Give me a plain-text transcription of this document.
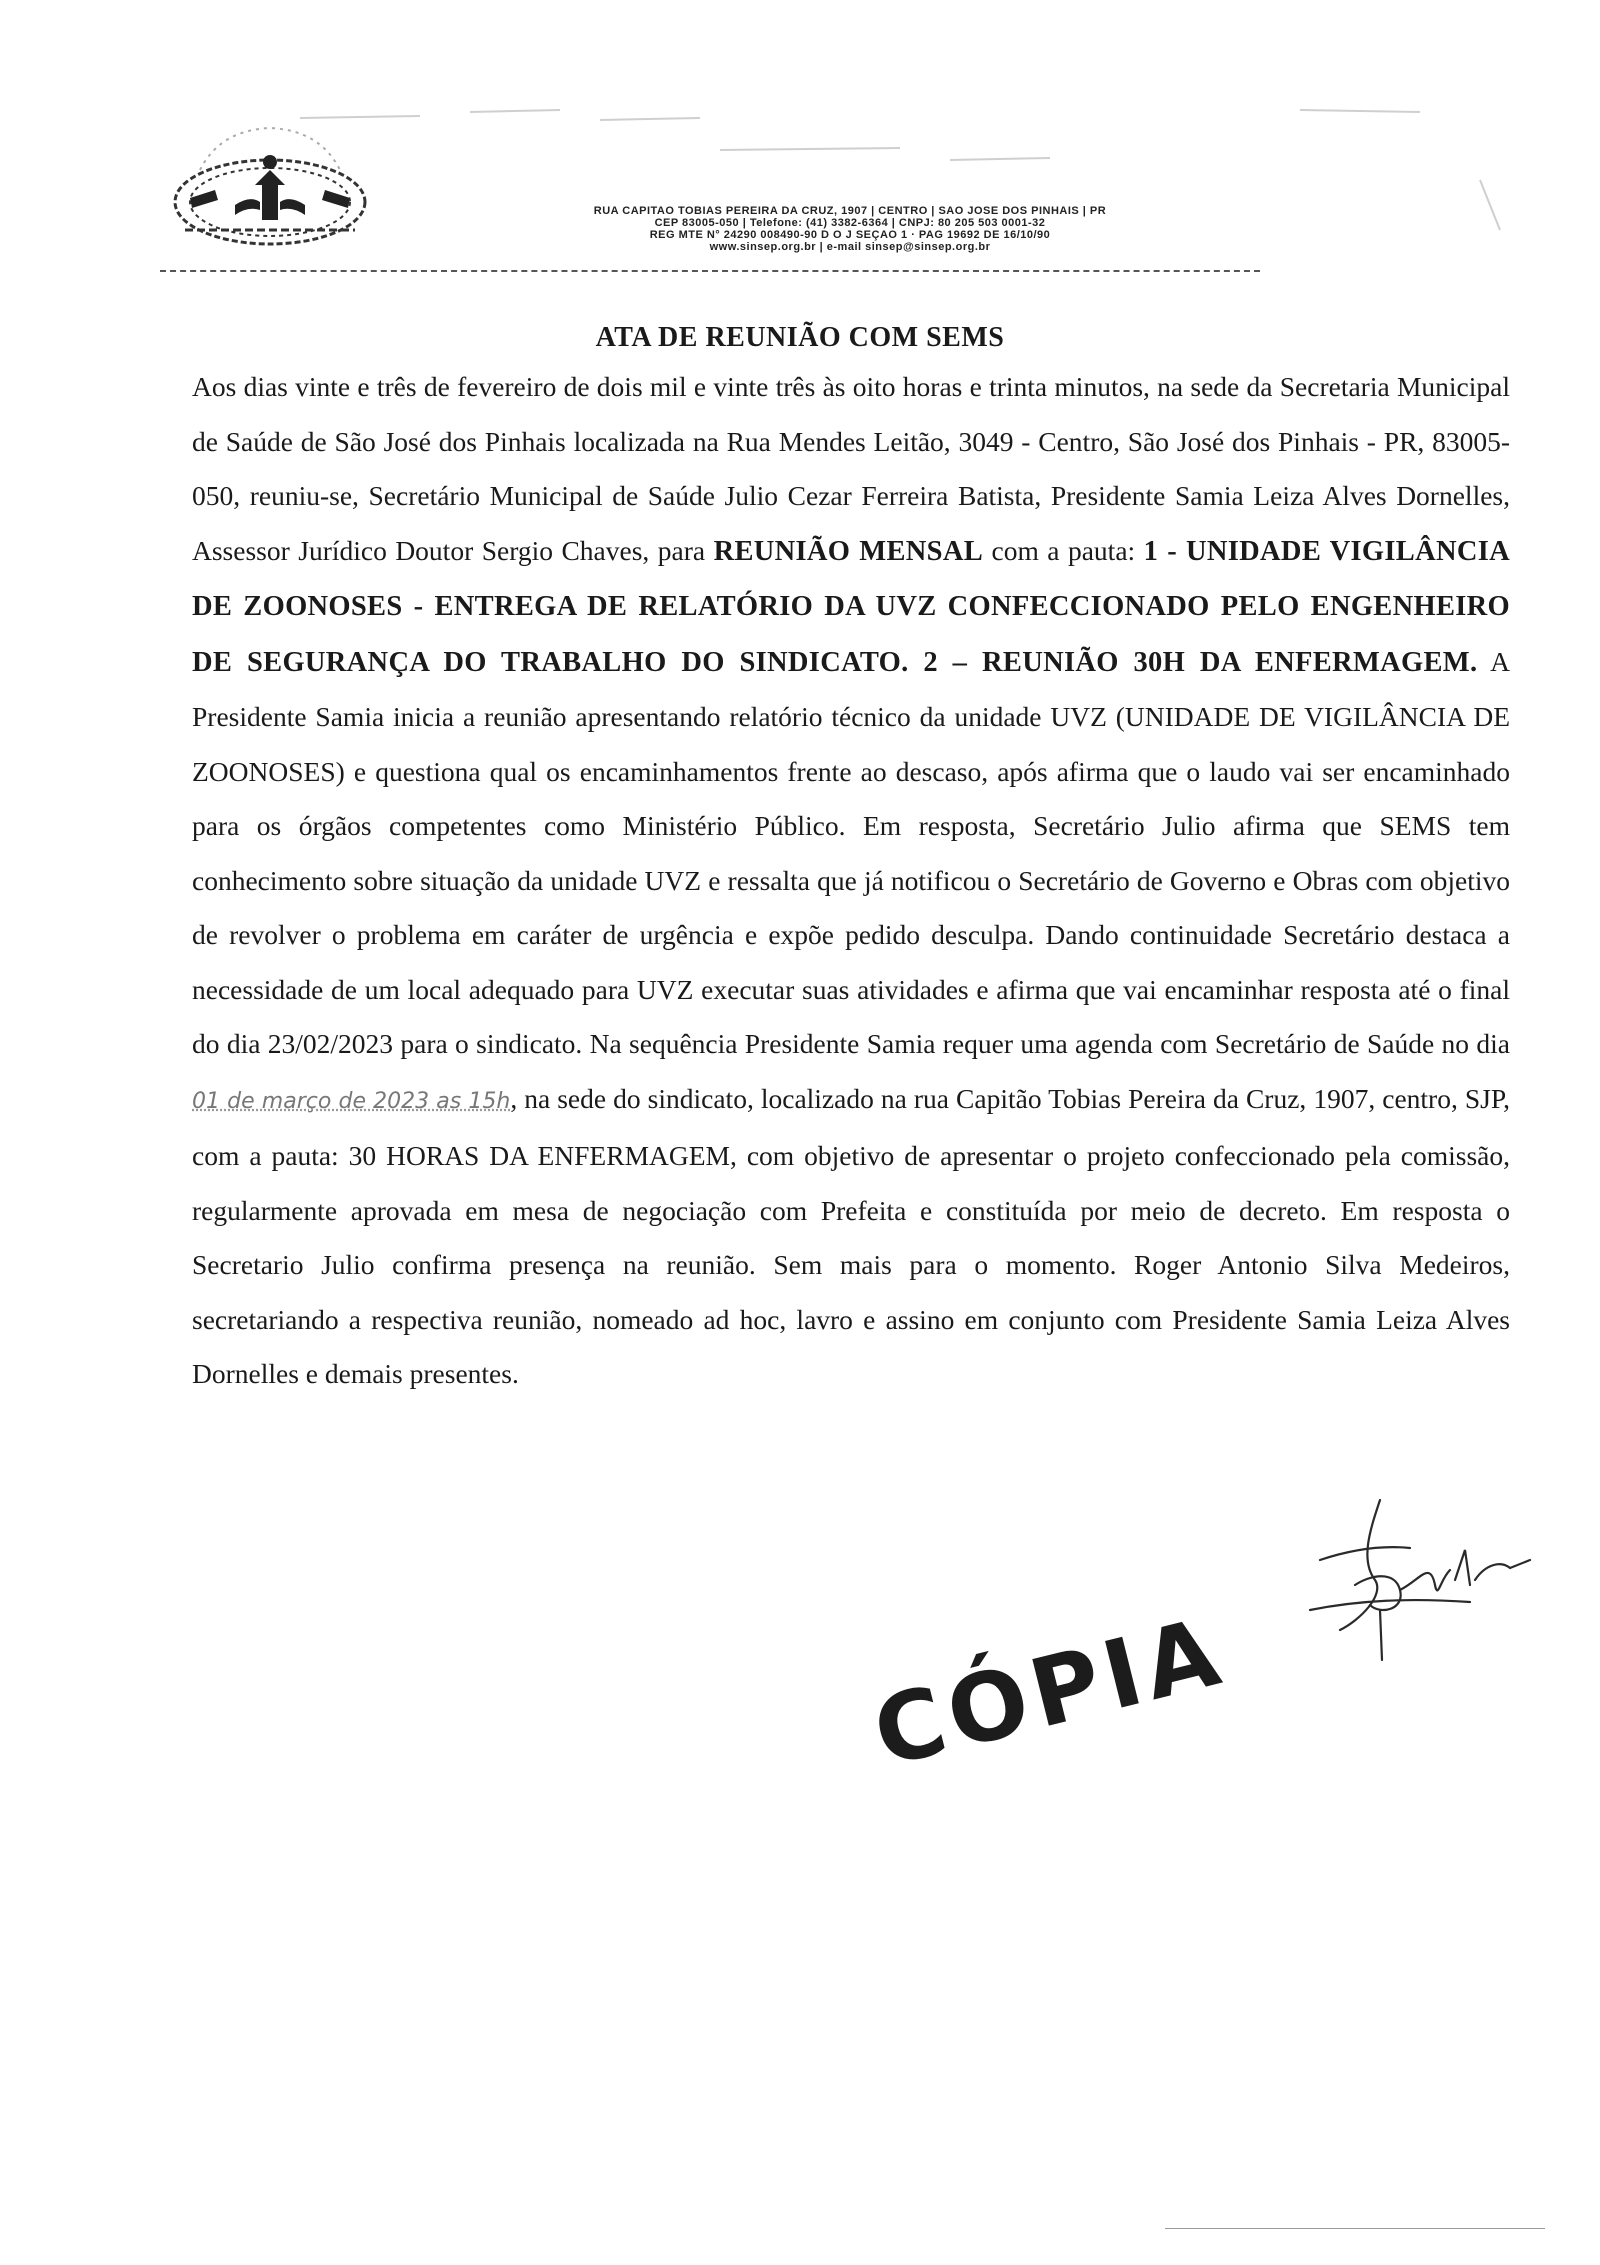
RUA CAPITAO TOBIAS PEREIRA DA CRUZ, 1907 | CENTRO | SAO JOSE DOS PINHAIS | PR
CEP 83005-050 | Telefone: (41) 3382-6364 | CNPJ: 80 205 503 0001-32
REG MTE N° 24290 008490-90 D O J SEÇAO 1 · PAG 19692 DE 16/10/90
www.sinsep.org.br | e-mail sinsep@sinsep.org.br
ATA DE REUNIÃO COM SEMS
Aos dias vinte e três de fevereiro de dois mil e vinte três às oito horas e trinta minutos, na sede da Secretaria Municipal de Saúde de São José dos Pinhais localizada na Rua Mendes Leitão, 3049 - Centro, São José dos Pinhais - PR, 83005-050, reuniu-se, Secretário Municipal de Saúde Julio Cezar Ferreira Batista, Presidente Samia Leiza Alves Dornelles, Assessor Jurídico Doutor Sergio Chaves, para REUNIÃO MENSAL com a pauta: 1 - UNIDADE VIGILÂNCIA DE ZOONOSES - ENTREGA DE RELATÓRIO DA UVZ CONFECCIONADO PELO ENGENHEIRO DE SEGURANÇA DO TRABALHO DO SINDICATO. 2 – REUNIÃO 30H DA ENFERMAGEM. A Presidente Samia inicia a reunião apresentando relatório técnico da unidade UVZ (UNIDADE DE VIGILÂNCIA DE ZOONOSES) e questiona qual os encaminhamentos frente ao descaso, após afirma que o laudo vai ser encaminhado para os órgãos competentes como Ministério Público. Em resposta, Secretário Julio afirma que SEMS tem conhecimento sobre situação da unidade UVZ e ressalta que já notificou o Secretário de Governo e Obras com objetivo de revolver o problema em caráter de urgência e expõe pedido desculpa. Dando continuidade Secretário destaca a necessidade de um local adequado para UVZ executar suas atividades e afirma que vai encaminhar resposta até o final do dia 23/02/2023 para o sindicato. Na sequência Presidente Samia requer uma agenda com Secretário de Saúde no dia 01 de março de 2023 as 15h, na sede do sindicato, localizado na rua Capitão Tobias Pereira da Cruz, 1907, centro, SJP, com a pauta: 30 HORAS DA ENFERMAGEM, com objetivo de apresentar o projeto confeccionado pela comissão, regularmente aprovada em mesa de negociação com Prefeita e constituída por meio de decreto. Em resposta o Secretario Julio confirma presença na reunião. Sem mais para o momento. Roger Antonio Silva Medeiros, secretariando a respectiva reunião, nomeado ad hoc, lavro e assino em conjunto com Presidente Samia Leiza Alves Dornelles e demais presentes.
CÓPIA
